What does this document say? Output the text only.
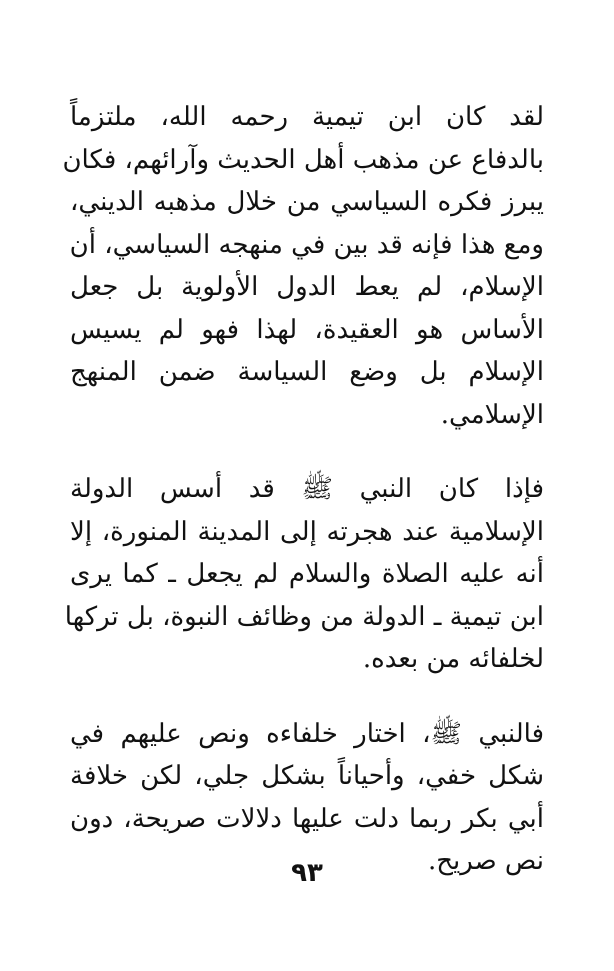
لقد كان ابن تيمية رحمه الله، ملتزماً
بالدفاع عن مذهب أهل الحديث وآرائهم، فكان
يبرز فكره السياسي من خلال مذهبه الديني،
ومع هذا فإنه قد بين في منهجه السياسي، أن
الإسلام، لم يعط الدول الأولوية بل جعل
الأساس هو العقيدة، لهذا فهو لم يسيس
الإسلام بل وضع السياسة ضمن المنهج
الإسلامي.
فإذا كان النبي ﷺ قد أسس الدولة
الإسلامية عند هجرته إلى المدينة المنورة، إلا
أنه عليه الصلاة والسلام لم يجعل ـ كما يرى
ابن تيمية ـ الدولة من وظائف النبوة، بل تركها
لخلفائه من بعده.
فالنبي ﷺ، اختار خلفاءه ونص عليهم في
شكل خفي، وأحياناً بشكل جلي، لكن خلافة
أبي بكر ربما دلت عليها دلالات صريحة، دون
نص صريح.
٩٣
